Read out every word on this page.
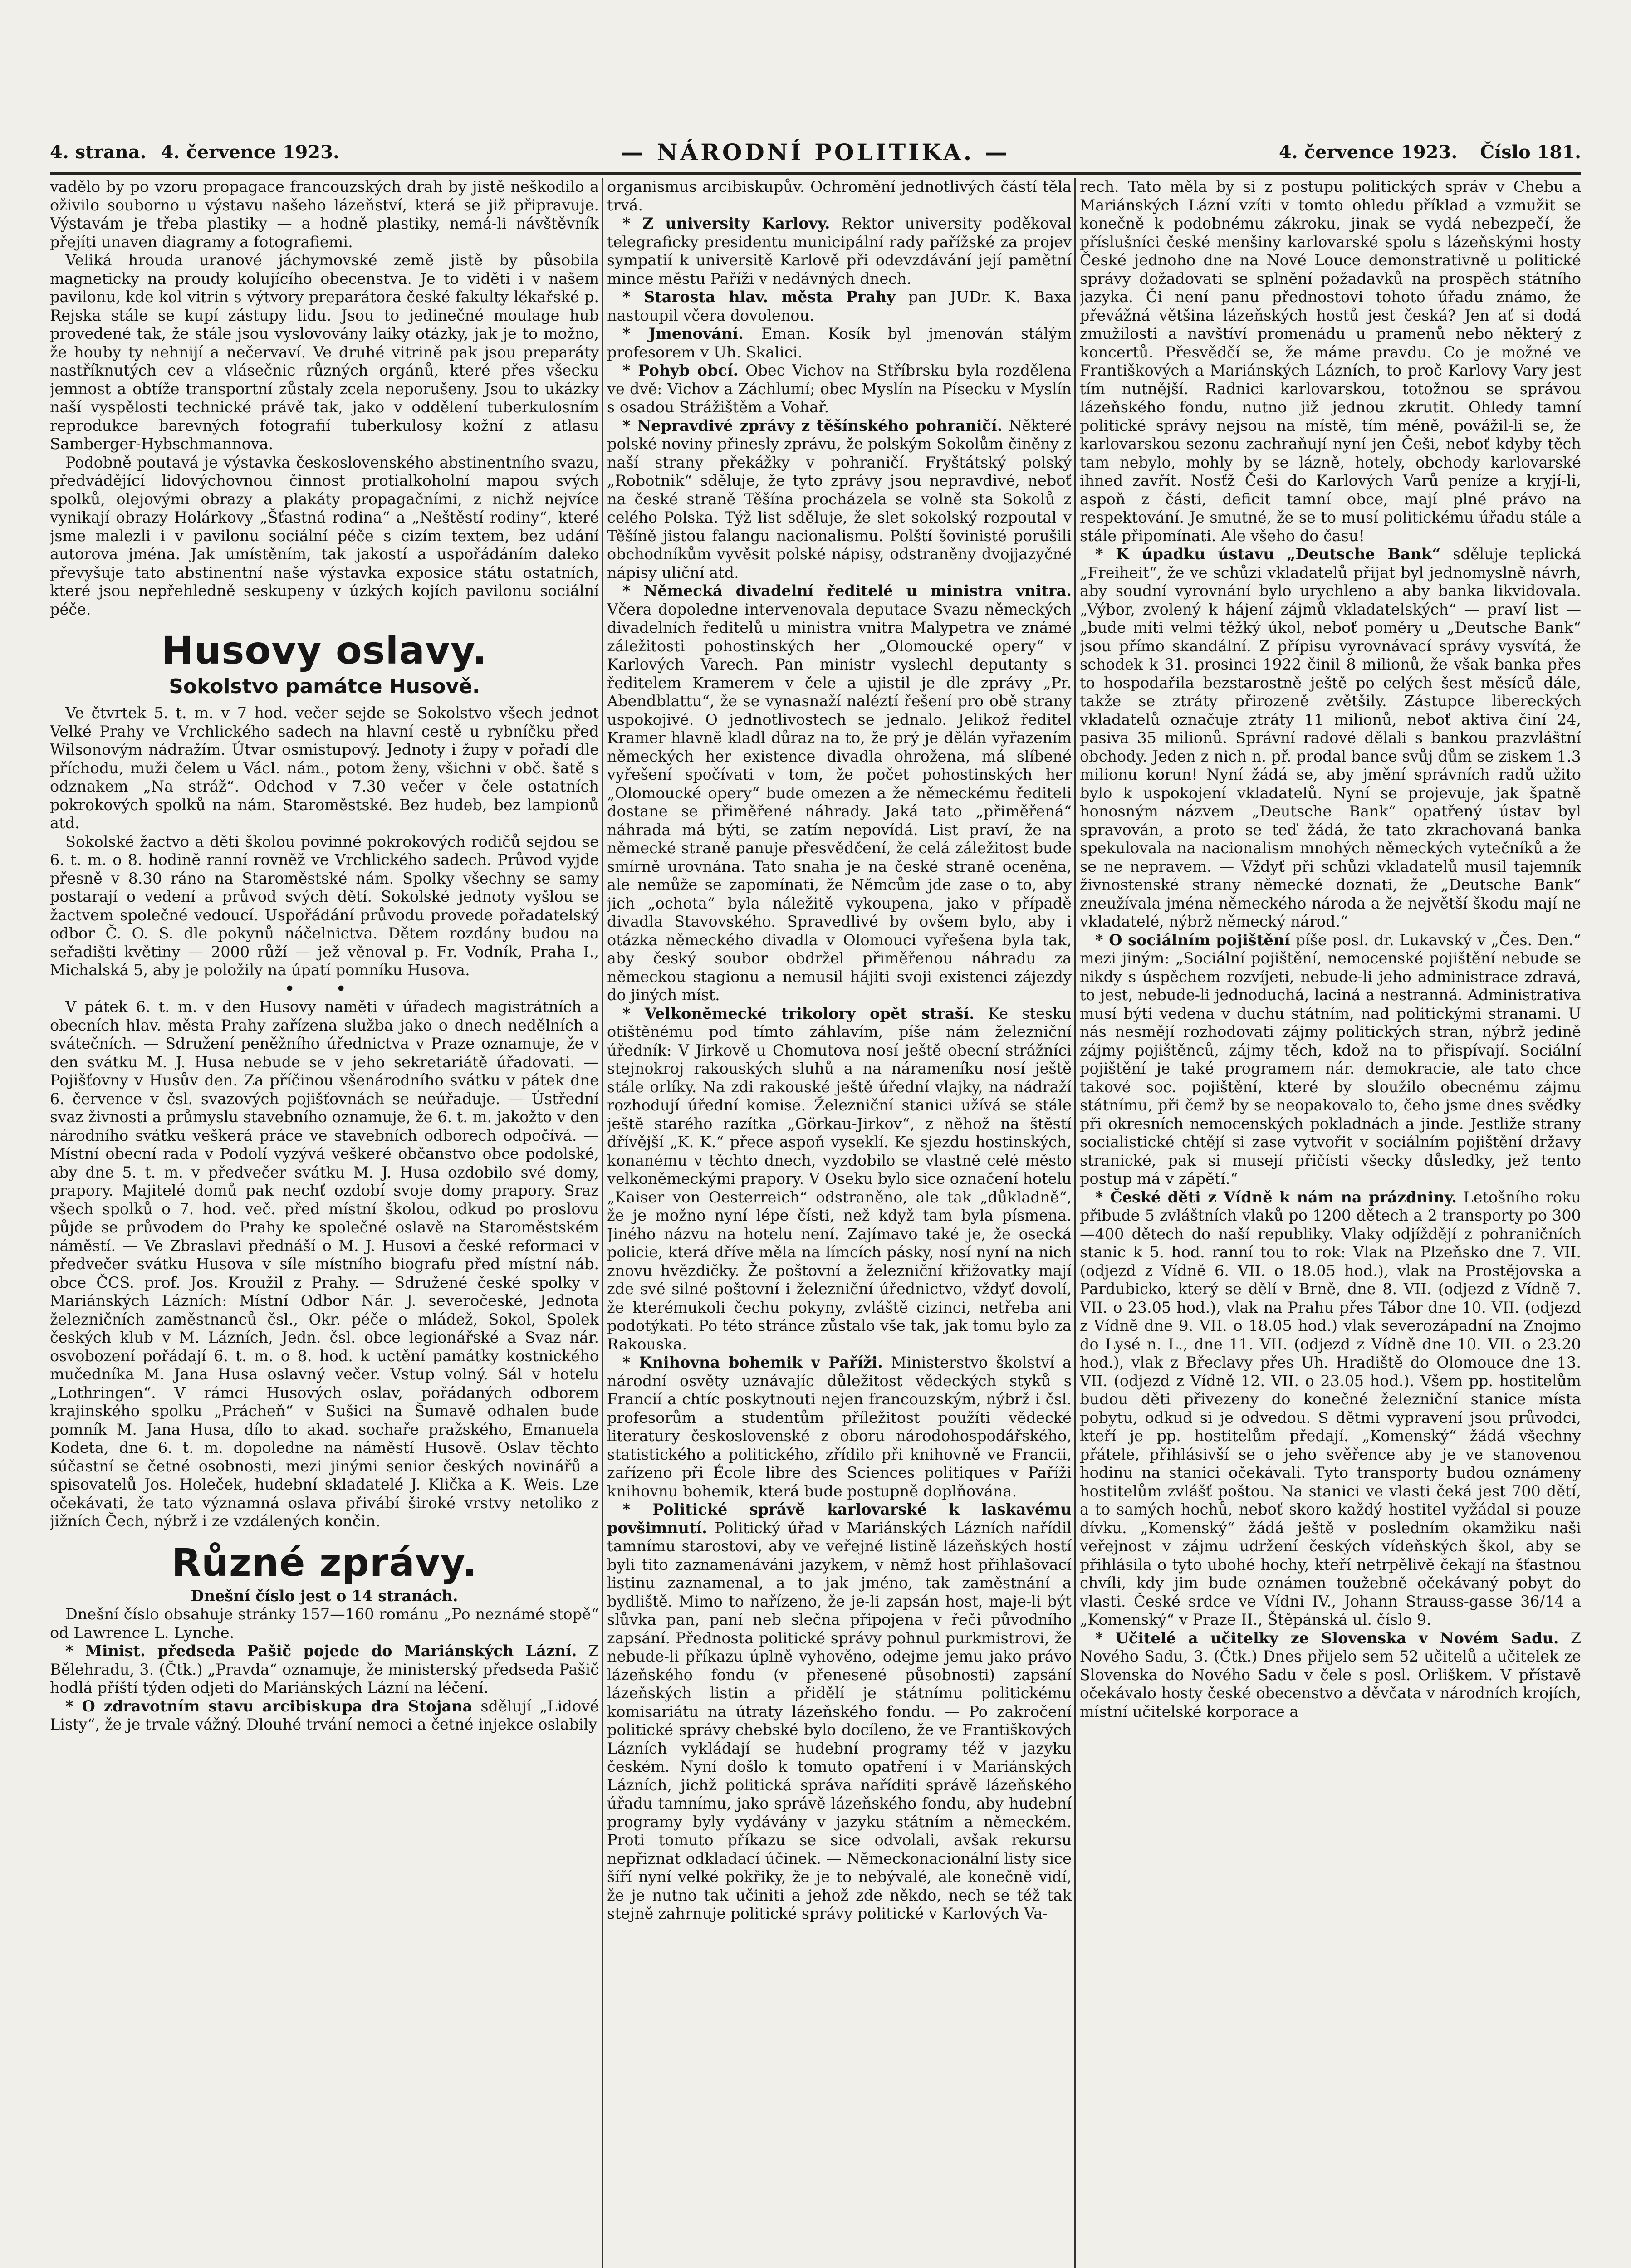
4. strana. 4. července 1923.	— NÁRODNÍ POLITIKA. —	4. července 1923. Číslo 181.

vadělo by po vzoru propagace francouzských drah by jistě neškodilo a oživilo souborno u výstavu našeho lázeňství, která se již připravuje. Výstavám je třeba plastiky — a hodně plastiky, nemá-li návštěvník přejíti unaven diagramy a fotografiemi.

Veliká hrouda uranové jáchymovské země jistě by působila magneticky na proudy kolujícího obecenstva. Je to viděti i v našem pavilonu, kde kol vitrin s výtvory preparátora české fakulty lékařské p. Rejska stále se kupí zástupy lidu. Jsou to jedinečné moulage hub provedené tak, že stále jsou vyslovovány laiky otázky, jak je to možno, že houby ty nehnijí a nečervaví. Ve druhé vitrině pak jsou preparáty nastříknutých cev a vlásečnic různých orgánů, které přes všecku jemnost a obtíže transportní zůstaly zcela neporušeny. Jsou to ukázky naší vyspělosti technické právě tak, jako v oddělení tuberkulosním reprodukce barevných fotografií tuberkulosy kožní z atlasu Samberger-Hybschmannova.

Podobně poutavá je výstavka československého abstinentního svazu, předvádějící lidovýchovnou činnost protialkoholní mapou svých spolků, olejovými obrazy a plakáty propagačními, z nichž nejvíce vynikají obrazy Holárkovy „Šťastná rodina“ a „Neštěstí rodiny“, které jsme malezli i v pavilonu sociální péče s cizím textem, bez udání autorova jména. Jak umístěním, tak jakostí a uspořádáním daleko převyšuje tato abstinentní naše výstavka exposice státu ostatních, které jsou nepřehledně seskupeny v úzkých kojích pavilonu sociální péče.

Husovy oslavy.
Sokolstvo památce Husově.

Ve čtvrtek 5. t. m. v 7 hod. večer sejde se Sokolstvo všech jednot Velké Prahy ve Vrchlického sadech na hlavní cestě u rybníčku před Wilsonovým nádražím. Útvar osmistupový. Jednoty i župy v pořadí dle příchodu, muži čelem u Václ. nám., potom ženy, všichni v obč. šatě s odznakem „Na stráž“. Odchod v 7.30 večer v čele ostatních pokrokových spolků na nám. Staroměstské. Bez hudeb, bez lampionů atd.

Sokolské žactvo a děti školou povinné pokrokových rodičů sejdou se 6. t. m. o 8. hodině ranní rovněž ve Vrchlického sadech. Průvod vyjde přesně v 8.30 ráno na Staroměstské nám. Spolky všechny se samy postarají o vedení a průvod svých dětí. Sokolské jednoty vyšlou se žactvem společné vedoucí. Uspořádání průvodu provede pořadatelský odbor Č. O. S. dle pokynů náčelnictva. Dětem rozdány budou na seřadišti květiny — 2000 růží — jež věnoval p. Fr. Vodník, Praha I., Michalská 5, aby je položily na úpatí pomníku Husova.

• •

V pátek 6. t. m. v den Husovy naměti v úřadech magistrátních a obecních hlav. města Prahy zařízena služba jako o dnech nedělních a svátečních. — Sdružení peněžního úřednictva v Praze oznamuje, že v den svátku M. J. Husa nebude se v jeho sekretariátě úřadovati. — Pojišťovny v Husův den. Za příčinou všenárodního svátku v pátek dne 6. července v čsl. svazových pojišťovnách se neúřaduje. — Ústřední svaz živnosti a průmyslu stavebního oznamuje, že 6. t. m. jakožto v den národního svátku veškerá práce ve stavebních odborech odpočívá. — Místní obecní rada v Podolí vyzývá veškeré občanstvo obce podolské, aby dne 5. t. m. v předvečer svátku M. J. Husa ozdobilo své domy, prapory. Majitelé domů pak nechť ozdobí svoje domy prapory. Sraz všech spolků o 7. hod. več. před místní školou, odkud po proslovu půjde se průvodem do Prahy ke společné oslavě na Staroměstském náměstí. — Ve Zbraslavi přednáší o M. J. Husovi a české reformaci v předvečer svátku Husova v síle místního biografu před místní náb. obce ČCS. prof. Jos. Kroužil z Prahy. — Sdružené české spolky v Mariánských Lázních: Místní Odbor Nár. J. severočeské, Jednota železničních zaměstnanců čsl., Okr. péče o mládež, Sokol, Spolek českých klub v M. Lázních, Jedn. čsl. obce legionářské a Svaz nár. osvobození pořádají 6. t. m. o 8. hod. k uctění památky kostnického mučedníka M. Jana Husa oslavný večer. Vstup volný. Sál v hotelu „Lothringen“. V rámci Husových oslav, pořádaných odborem krajinského spolku „Prácheň“ v Sušici na Šumavě odhalen bude pomník M. Jana Husa, dílo to akad. sochaře pražského, Emanuela Kodeta, dne 6. t. m. dopoledne na náměstí Husově. Oslav těchto súčastní se četné osobnosti, mezi jinými senior českých novinářů a spisovatelů Jos. Holeček, hudební skladatelé J. Klička a K. Weis. Lze očekávati, že tato významná oslava přivábí široké vrstvy netoliko z jižních Čech, nýbrž i ze vzdálených končin.

Různé zprávy.

Dnešní číslo jest o 14 stranách.

Dnešní číslo obsahuje stránky 157—160 románu „Po neznámé stopě“ od Lawrence L. Lynche.

* Minist. předseda Pašič pojede do Mariánských Lázní. Z Bělehradu, 3. (Čtk.) „Pravda“ oznamuje, že ministerský předseda Pašič hodlá příští týden odjeti do Mariánských Lázní na léčení.

* O zdravotním stavu arcibiskupa dra Stojana sdělují „Lidové Listy“, že je trvale vážný. Dlouhé trvání nemoci a četné injekce oslabily

organismus arcibiskupův. Ochromění jednotlivých částí těla trvá.

* Z university Karlovy. Rektor university poděkoval telegraficky presidentu municipální rady pařížské za projev sympatií k universitě Karlově při odevzdávání její pamětní mince městu Paříži v nedávných dnech.

* Starosta hlav. města Prahy pan JUDr. K. Baxa nastoupil včera dovolenou.

* Jmenování. Eman. Kosík byl jmenován stálým profesorem v Uh. Skalici.

* Pohyb obcí. Obec Vichov na Stříbrsku byla rozdělena ve dvě: Vichov a Záchlumí; obec Myslín na Písecku v Myslín s osadou Strážištěm a Vohař.

* Nepravdivé zprávy z těšínského pohraničí. Některé polské noviny přinesly zprávu, že polským Sokolům činěny z naší strany překážky v pohraničí. Fryštátský polský „Robotnik“ sděluje, že tyto zprávy jsou nepravdivé, neboť na české straně Těšína procházela se volně sta Sokolů z celého Polska. Týž list sděluje, že slet sokolský rozpoutal v Těšíně jistou falangu nacionalismu. Polští šovinisté porušili obchodníkům vyvěsit polské nápisy, odstraněny dvojjazyčné nápisy uliční atd.

* Německá divadelní ředitelé u ministra vnitra. Včera dopoledne intervenovala deputace Svazu německých divadelních ředitelů u ministra vnitra Malypetra ve známé záležitosti pohostinských her „Olomoucké opery“ v Karlových Varech. Pan ministr vyslechl deputanty s ředitelem Kramerem v čele a ujistil je dle zprávy „Pr. Abendblattu“, že se vynasnaží naléztí řešení pro obě strany uspokojivé. O jednotlivostech se jednalo. Jelikož ředitel Kramer hlavně kladl důraz na to, že prý je dělán vyřazením německých her existence divadla ohrožena, má slíbené vyřešení spočívati v tom, že počet pohostinských her „Olomoucké opery“ bude omezen a že německému řediteli dostane se přiměřené náhrady. Jaká tato „přiměřená“ náhrada má býti, se zatím nepovídá. List praví, že na německé straně panuje přesvědčení, že celá záležitost bude smírně urovnána. Tato snaha je na české straně oceněna, ale nemůže se zapomínati, že Němcům jde zase o to, aby jich „ochota“ byla náležitě vykoupena, jako v případě divadla Stavovského. Spravedlivé by ovšem bylo, aby i otázka německého divadla v Olomouci vyřešena byla tak, aby český soubor obdržel přiměřenou náhradu za německou stagionu a nemusil hájiti svoji existenci zájezdy do jiných míst.

* Velkoněmecké trikolory opět straší. Ke stesku otištěnému pod tímto záhlavím, píše nám železniční úředník: V Jirkově u Chomutova nosí ještě obecní strážníci stejnokroj rakouských sluhů a na nárameníku nosí ještě stále orlíky. Na zdi rakouské ještě úřední vlajky, na nádraží rozhodují úřední komise. Železniční stanici užívá se stále ještě starého razítka „Görkau-Jirkov“, z něhož na štěstí dřívější „K. K.“ přece aspoň vyseklí. Ke sjezdu hostinských, konanému v těchto dnech, vyzdobilo se vlastně celé město velkoněmeckými prapory. V Oseku bylo sice označení hotelu „Kaiser von Oesterreich“ odstraněno, ale tak „důkladně“, že je možno nyní lépe čísti, než když tam byla písmena. Jiného názvu na hotelu není. Zajímavo také je, že osecká policie, která dříve měla na límcích pásky, nosí nyní na nich znovu hvězdičky. Že poštovní a železniční křižovatky mají zde své silné poštovní i železniční úřednictvo, vždyť dovolí, že kterémukoli čechu pokyny, zvláště cizinci, netřeba ani podotýkati. Po této stránce zůstalo vše tak, jak tomu bylo za Rakouska.

* Knihovna bohemik v Paříži. Ministerstvo školství a národní osvěty uznávajíc důležitost vědeckých styků s Francií a chtíc poskytnouti nejen francouzským, nýbrž i čsl. profesorům a studentům příležitost použíti vědecké literatury československé z oboru národohospodářského, statistického a politického, zřídilo při knihovně ve Francii, zařízeno při École libre des Sciences politiques v Paříži knihovnu bohemik, která bude postupně doplňována.

* Politické správě karlovarské k laskavému povšimnutí. Politický úřad v Mariánských Lázních nařídil tamnímu starostovi, aby ve veřejné listině lázeňských hostí byli tito zaznamenáváni jazykem, v němž host přihlašovací listinu zaznamenal, a to jak jméno, tak zaměstnání a bydliště. Mimo to nařízeno, že je-li zapsán host, maje-li být slůvka pan, paní neb slečna připojena v řeči původního zapsání. Přednosta politické správy pohnul purkmistrovi, že nebude-li příkazu úplně vyhověno, odejme jemu jako právo lázeňského fondu (v přenesené působnosti) zapsání lázeňských listin a přidělí je státnímu politickému komisariátu na útraty lázeňského fondu. — Po zakročení politické správy chebské bylo docíleno, že ve Františkových Lázních vykládají se hudební programy též v jazyku českém. Nyní došlo k tomuto opatření i v Mariánských Lázních, jichž politická správa naříditi správě lázeňského úřadu tamnímu, jako správě lázeňského fondu, aby hudební programy byly vydávány v jazyku státním a německém. Proti tomuto příkazu se sice odvolali, avšak rekursu nepřiznat odkladací účinek. — Německonacionální listy sice šíří nyní velké pokřiky, že je to nebývalé, ale konečně vidí, že je nutno tak učiniti a jehož zde někdo, nech se též tak stejně zahrnuje politické správy politické v Karlových Va-

rech. Tato měla by si z postupu politických správ v Chebu a Mariánských Lázní vzíti v tomto ohledu příklad a vzmužit se konečně k podobnému zákroku, jinak se vydá nebezpečí, že příslušníci české menšiny karlovarské spolu s lázeňskými hosty České jednoho dne na Nové Louce demonstrativně u politické správy dožadovati se splnění požadavků na prospěch státního jazyka. Či není panu přednostovi tohoto úřadu známo, že převážná většina lázeňských hostů jest česká? Jen ať si dodá zmužilosti a navštíví promenádu u pramenů nebo některý z koncertů. Přesvědčí se, že máme pravdu. Co je možné ve Františkových a Mariánských Lázních, to proč Karlovy Vary jest tím nutnější. Radnici karlovarskou, totožnou se správou lázeňského fondu, nutno již jednou zkrutit. Ohledy tamní politické správy nejsou na místě, tím méně, povážil-li se, že karlovarskou sezonu zachraňují nyní jen Češi, neboť kdyby těch tam nebylo, mohly by se lázně, hotely, obchody karlovarské ihned zavřít. Nosťž Češi do Karlových Varů peníze a kryjí-li, aspoň z části, deficit tamní obce, mají plné právo na respektování. Je smutné, že se to musí politickému úřadu stále a stále připomínati. Ale všeho do času!

* K úpadku ústavu „Deutsche Bank“ sděluje teplická „Freiheit“, že ve schůzi vkladatelů přijat byl jednomyslně návrh, aby soudní vyrovnání bylo urychleno a aby banka likvidovala. „Výbor, zvolený k hájení zájmů vkladatelských“ — praví list — „bude míti velmi těžký úkol, neboť poměry u „Deutsche Bank“ jsou přímo skandální. Z přípisu vyrovnávací správy vysvítá, že schodek k 31. prosinci 1922 činil 8 milionů, že však banka přes to hospodařila bezstarostně ještě po celých šest měsíců dále, takže se ztráty přirozeně zvětšily. Zástupce libereckých vkladatelů označuje ztráty 11 milionů, neboť aktiva činí 24, pasiva 35 milionů. Správní radové dělali s bankou prazvláštní obchody. Jeden z nich n. př. prodal bance svůj dům se ziskem 1.3 milionu korun! Nyní žádá se, aby jmění správních radů užito bylo k uspokojení vkladatelů. Nyní se projevuje, jak špatně honosným názvem „Deutsche Bank“ opatřený ústav byl spravován, a proto se teď žádá, že tato zkrachovaná banka spekulovala na nacionalism mnohých německých vytečníků a že se ne nepravem. — Vždyť při schůzi vkladatelů musil tajemník živnostenské strany německé doznati, že „Deutsche Bank“ zneužívala jména německého národa a že největší škodu mají ne vkladatelé, nýbrž německý národ.“

* O sociálním pojištění píše posl. dr. Lukavský v „Čes. Den.“ mezi jiným: „Sociální pojištění, nemocenské pojištění nebude se nikdy s úspěchem rozvíjeti, nebude-li jeho administrace zdravá, to jest, nebude-li jednoduchá, laciná a nestranná. Administrativa musí býti vedena v duchu státním, nad politickými stranami. U nás nesmějí rozhodovati zájmy politických stran, nýbrž jedině zájmy pojištěnců, zájmy těch, kdož na to přispívají. Sociální pojištění je také programem nár. demokracie, ale tato chce takové soc. pojištění, které by sloužilo obecnému zájmu státnímu, při čemž by se neopakovalo to, čeho jsme dnes svědky při okresních nemocenských pokladnách a jinde. Jestliže strany socialistické chtějí si zase vytvořit v sociálním pojištění državy stranické, pak si musejí přičísti všecky důsledky, jež tento postup má v zápětí.“

* České děti z Vídně k nám na prázdniny. Letošního roku přibude 5 zvláštních vlaků po 1200 dětech a 2 transporty po 300—400 dětech do naší republiky. Vlaky odjíždějí z pohraničních stanic k 5. hod. ranní tou to rok: Vlak na Plzeňsko dne 7. VII. (odjezd z Vídně 6. VII. o 18.05 hod.), vlak na Prostějovska a Pardubicko, který se dělí v Brně, dne 8. VII. (odjezd z Vídně 7. VII. o 23.05 hod.), vlak na Prahu přes Tábor dne 10. VII. (odjezd z Vídně dne 9. VII. o 18.05 hod.) vlak severozápadní na Znojmo do Lysé n. L., dne 11. VII. (odjezd z Vídně dne 10. VII. o 23.20 hod.), vlak z Břeclavy přes Uh. Hradiště do Olomouce dne 13. VII. (odjezd z Vídně 12. VII. o 23.05 hod.). Všem pp. hostitelům budou děti přivezeny do konečné železniční stanice místa pobytu, odkud si je odvedou. S dětmi vypravení jsou průvodci, kteří je pp. hostitelům předají. „Komenský“ žádá všechny přátele, přihlásivší se o jeho svěřence aby je ve stanovenou hodinu na stanici očekávali. Tyto transporty budou oznámeny hostitelům zvlášť poštou. Na stanici ve vlasti čeká jest 700 dětí, a to samých hochů, neboť skoro každý hostitel vyžádal si pouze dívku. „Komenský“ žádá ještě v posledním okamžiku naši veřejnost v zájmu udržení českých vídeňských škol, aby se přihlásila o tyto ubohé hochy, kteří netrpělivě čekají na šťastnou chvíli, kdy jim bude oznámen toužebně očekávaný pobyt do vlasti. České srdce ve Vídni IV., Johann Strauss-gasse 36/14 a „Komenský“ v Praze II., Štěpánská ul. číslo 9.

* Učitelé a učitelky ze Slovenska v Novém Sadu. Z Nového Sadu, 3. (Čtk.) Dnes přijelo sem 52 učitelů a učitelek ze Slovenska do Nového Sadu v čele s posl. Orliškem. V přístavě očekávalo hosty české obecenstvo a děvčata v národních krojích, místní učitelské korporace a
